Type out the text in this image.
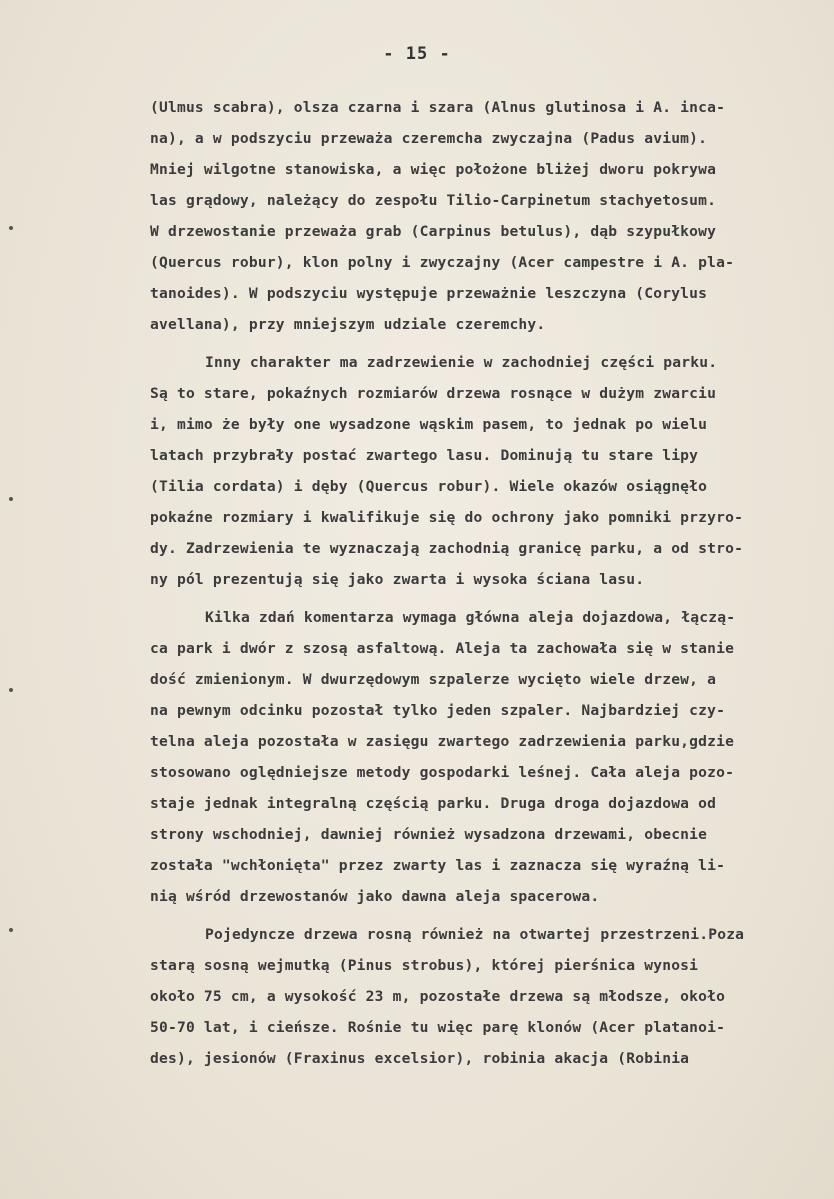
- 15 -
(Ulmus scabra), olsza czarna i szara (Alnus glutinosa i A. inca-
na), a w podszyciu przeważa czeremcha zwyczajna (Padus avium).
Mniej wilgotne stanowiska, a więc położone bliżej dworu pokrywa
las grądowy, należący do zespołu Tilio-Carpinetum stachyetosum.
W drzewostanie przeważa grab (Carpinus betulus), dąb szypułkowy
(Quercus robur), klon polny i zwyczajny (Acer campestre i A. pla-
tanoides). W podszyciu występuje przeważnie leszczyna (Corylus
avellana), przy mniejszym udziale czeremchy.
Inny charakter ma zadrzewienie w zachodniej części parku.
Są to stare, pokaźnych rozmiarów drzewa rosnące w dużym zwarciu
i, mimo że były one wysadzone wąskim pasem, to jednak po wielu
latach przybrały postać zwartego lasu. Dominują tu stare lipy
(Tilia cordata) i dęby (Quercus robur). Wiele okazów osiągnęło
pokaźne rozmiary i kwalifikuje się do ochrony jako pomniki przyro-
dy. Zadrzewienia te wyznaczają zachodnią granicę parku, a od stro-
ny pól prezentują się jako zwarta i wysoka ściana lasu.
Kilka zdań komentarza wymaga główna aleja dojazdowa, łączą-
ca park i dwór z szosą asfaltową. Aleja ta zachowała się w stanie
dość zmienionym. W dwurzędowym szpalerze wycięto wiele drzew, a
na pewnym odcinku pozostał tylko jeden szpaler. Najbardziej czy-
telna aleja pozostała w zasięgu zwartego zadrzewienia parku,gdzie
stosowano oględniejsze metody gospodarki leśnej. Cała aleja pozo-
staje jednak integralną częścią parku. Druga droga dojazdowa od
strony wschodniej, dawniej również wysadzona drzewami, obecnie
została "wchłonięta" przez zwarty las i zaznacza się wyraźną li-
nią wśród drzewostanów jako dawna aleja spacerowa.
Pojedyncze drzewa rosną również na otwartej przestrzeni.Poza
starą sosną wejmutką (Pinus strobus), której pierśnica wynosi
około 75 cm, a wysokość 23 m, pozostałe drzewa są młodsze, około
50-70 lat, i cieńsze. Rośnie tu więc parę klonów (Acer platanoi-
des), jesionów (Fraxinus excelsior), robinia akacja (Robinia
